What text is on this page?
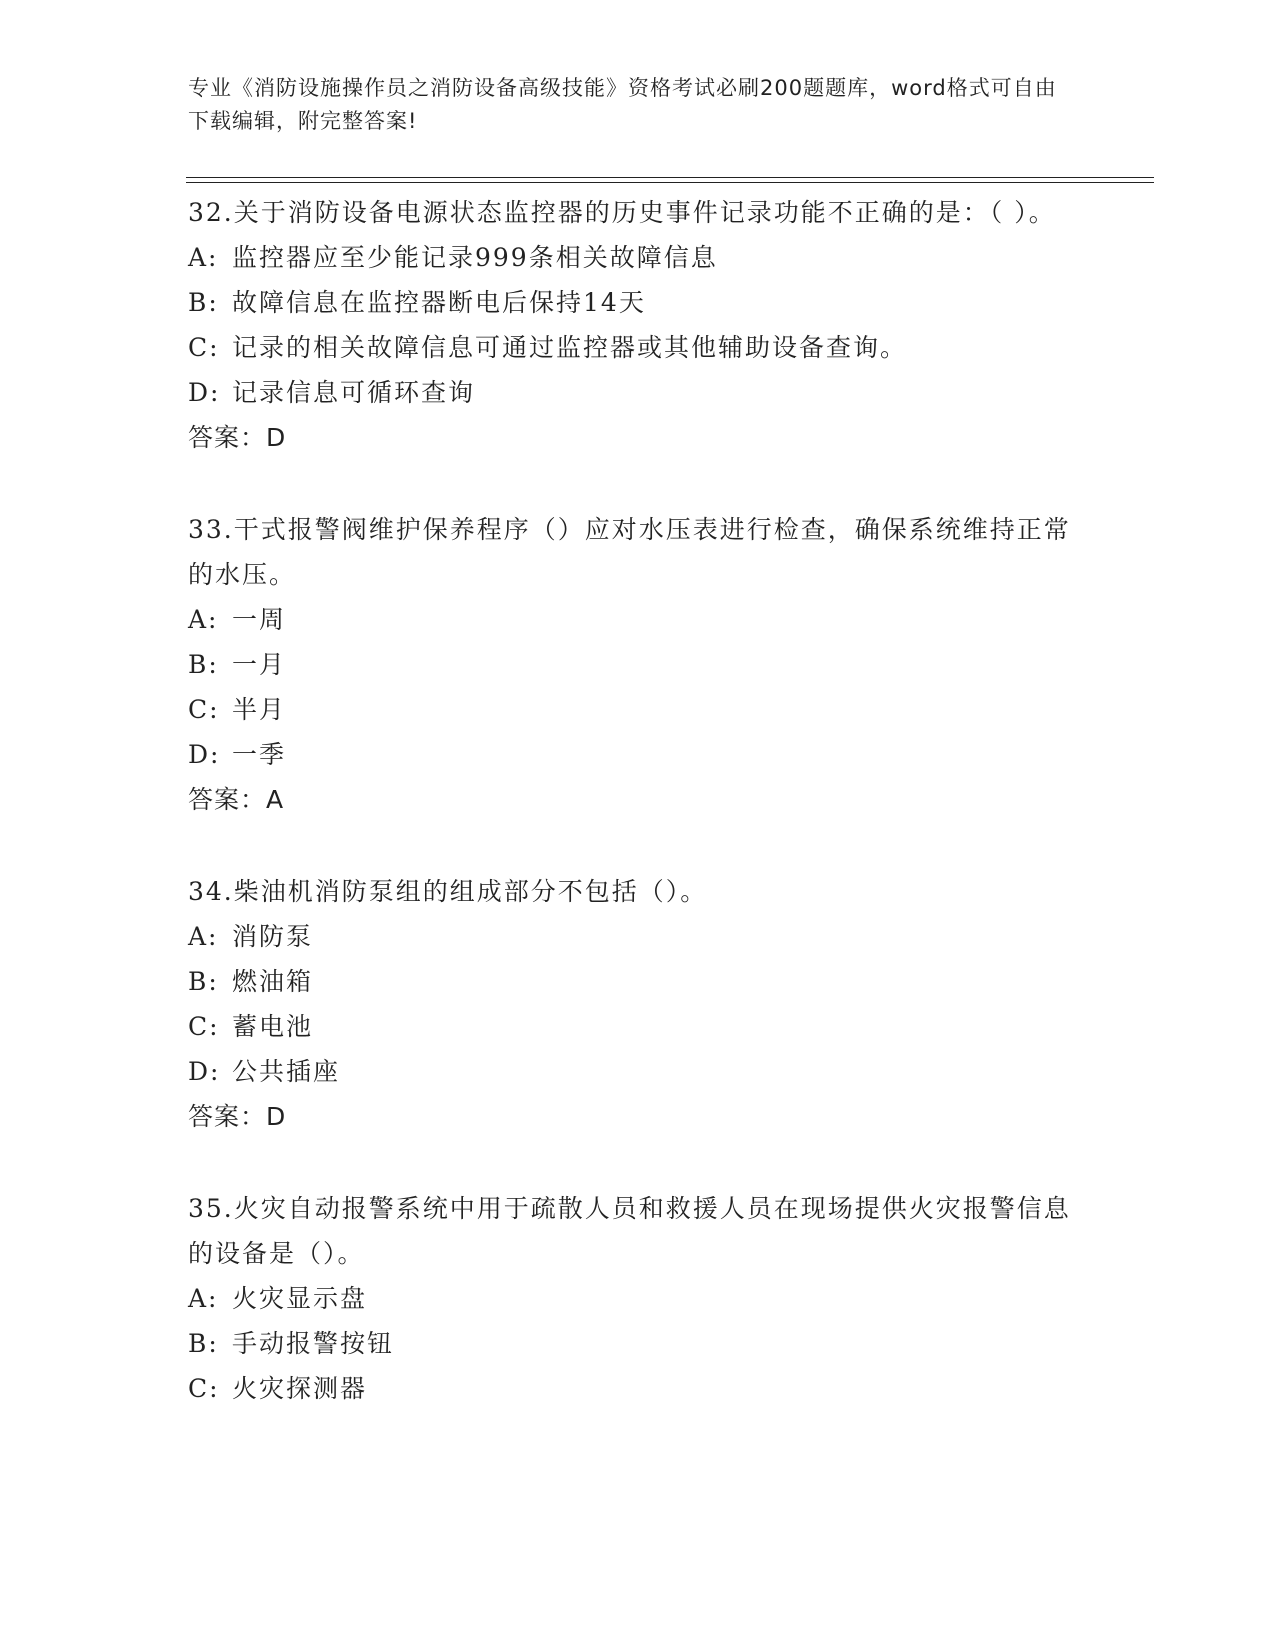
专业《消防设施操作员之消防设备高级技能》资格考试必刷200题题库，word格式可自由下载编辑，附完整答案!

32.关于消防设备电源状态监控器的历史事件记录功能不正确的是：（ ）。

A: 监控器应至少能记录999条相关故障信息

B: 故障信息在监控器断电后保持14天

C: 记录的相关故障信息可通过监控器或其他辅助设备查询。

D: 记录信息可循环查询

答案：D

33.干式报警阀维护保养程序（）应对水压表进行检查，确保系统维持正常的水压。

A: 一周

B: 一月

C: 半月

D: 一季

答案：A

34.柴油机消防泵组的组成部分不包括（）。

A: 消防泵

B: 燃油箱

C: 蓄电池

D: 公共插座

答案：D

35.火灾自动报警系统中用于疏散人员和救援人员在现场提供火灾报警信息的设备是（）。

A: 火灾显示盘

B: 手动报警按钮

C: 火灾探测器
